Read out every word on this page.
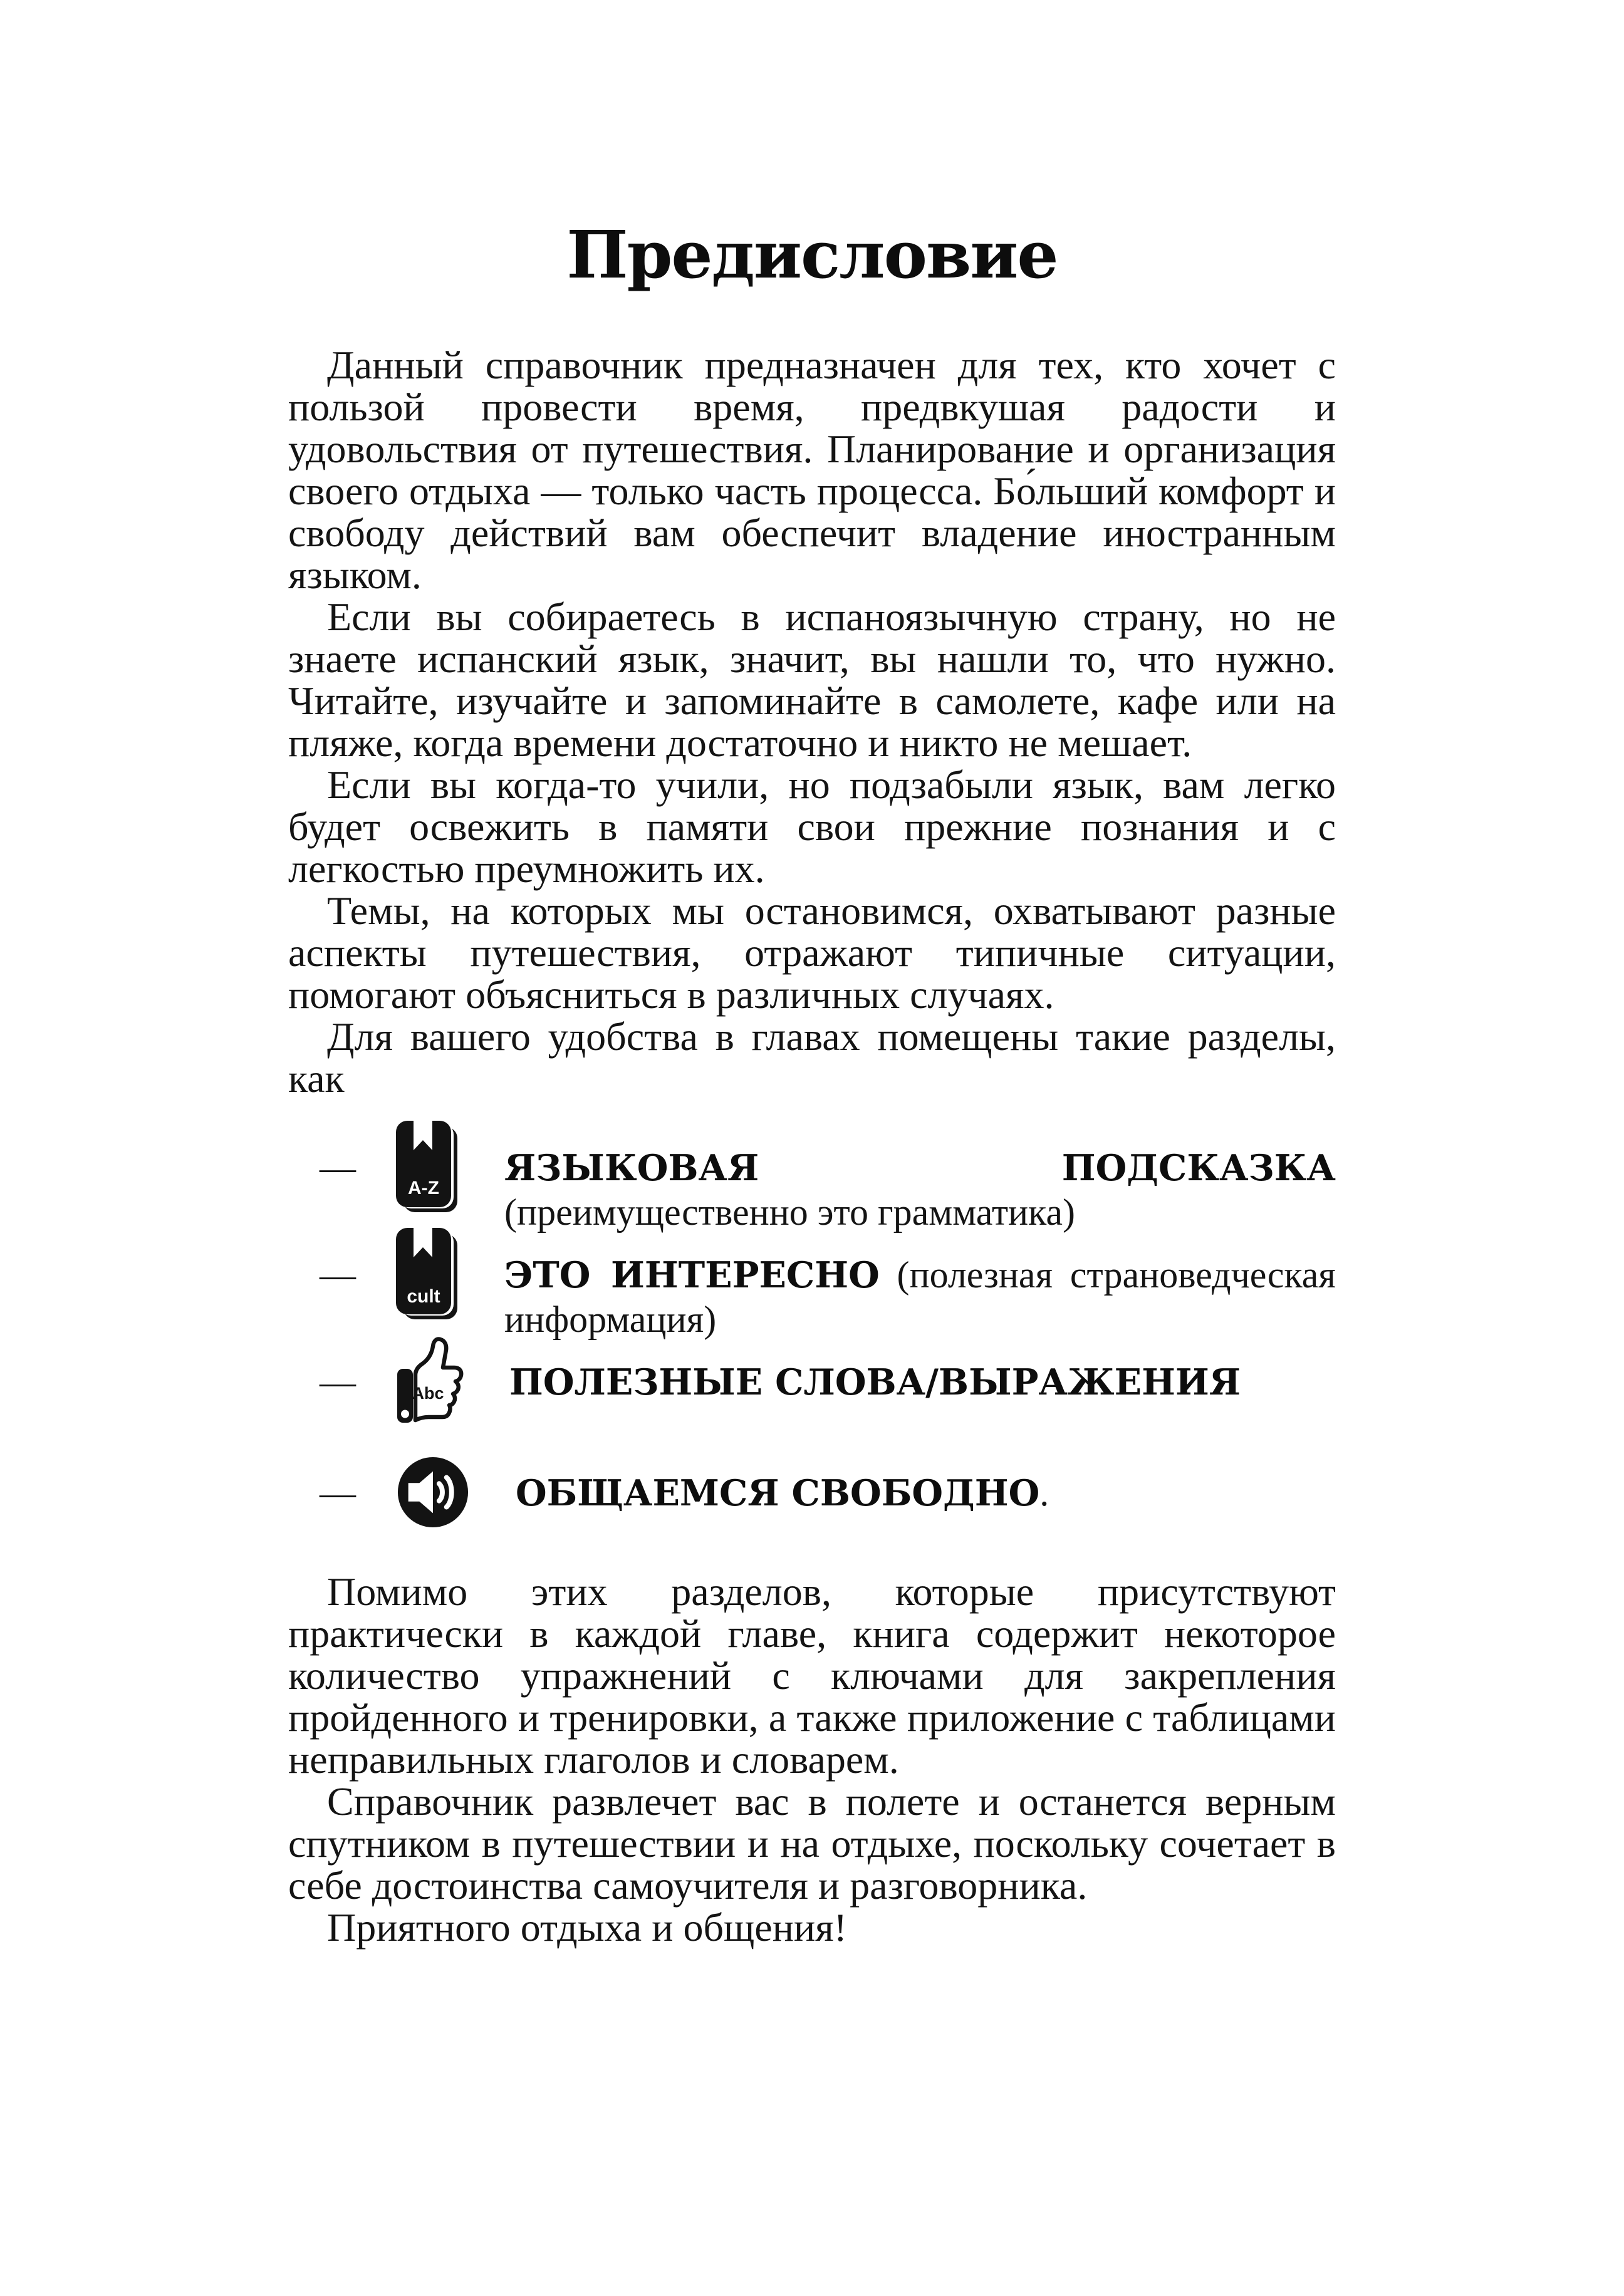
Предисловие

Данный справочник предназначен для тех, кто хочет с пользой провести время, предвкушая радости и удовольствия от путешествия. Планирование и организация своего отдыха — только часть процесса. Бо́льший комфорт и свободу действий вам обеспечит владение иностранным языком.

Если вы собираетесь в испаноязычную страну, но не знаете испанский язык, значит, вы нашли то, что нужно. Читайте, изучайте и запоминайте в самолете, кафе или на пляже, когда времени достаточно и никто не мешает.

Если вы когда-то учили, но подзабыли язык, вам легко будет освежить в памяти свои прежние познания и с легкостью преумножить их.

Темы, на которых мы остановимся, охватывают разные аспекты путешествия, отражают типичные ситуации, помогают объясниться в различных случаях.

Для вашего удобства в главах помещены такие разделы, как

—
A-Z ЯЗЫКОВАЯ ПОДСКАЗКА (преимущественно это грамматика)

—
cult

ЭТО ИНТЕРЕСНО (полезная страноведческая информация)

—	Abc ПОЛЕЗНЫЕ СЛОВА/ВЫРАЖЕНИЯ

—	ОБЩАЕМСЯ СВОБОДНО.

Помимо этих разделов, которые присутствуют практически в каждой главе, книга содержит некоторое количество упражнений с ключами для закрепления пройденного и тренировки, а также приложение с таблицами неправильных глаголов и словарем.

Справочник развлечет вас в полете и останется верным спутником в путешествии и на отдыхе, поскольку сочетает в себе достоинства самоучителя и разговорника.

Приятного отдыха и общения!
